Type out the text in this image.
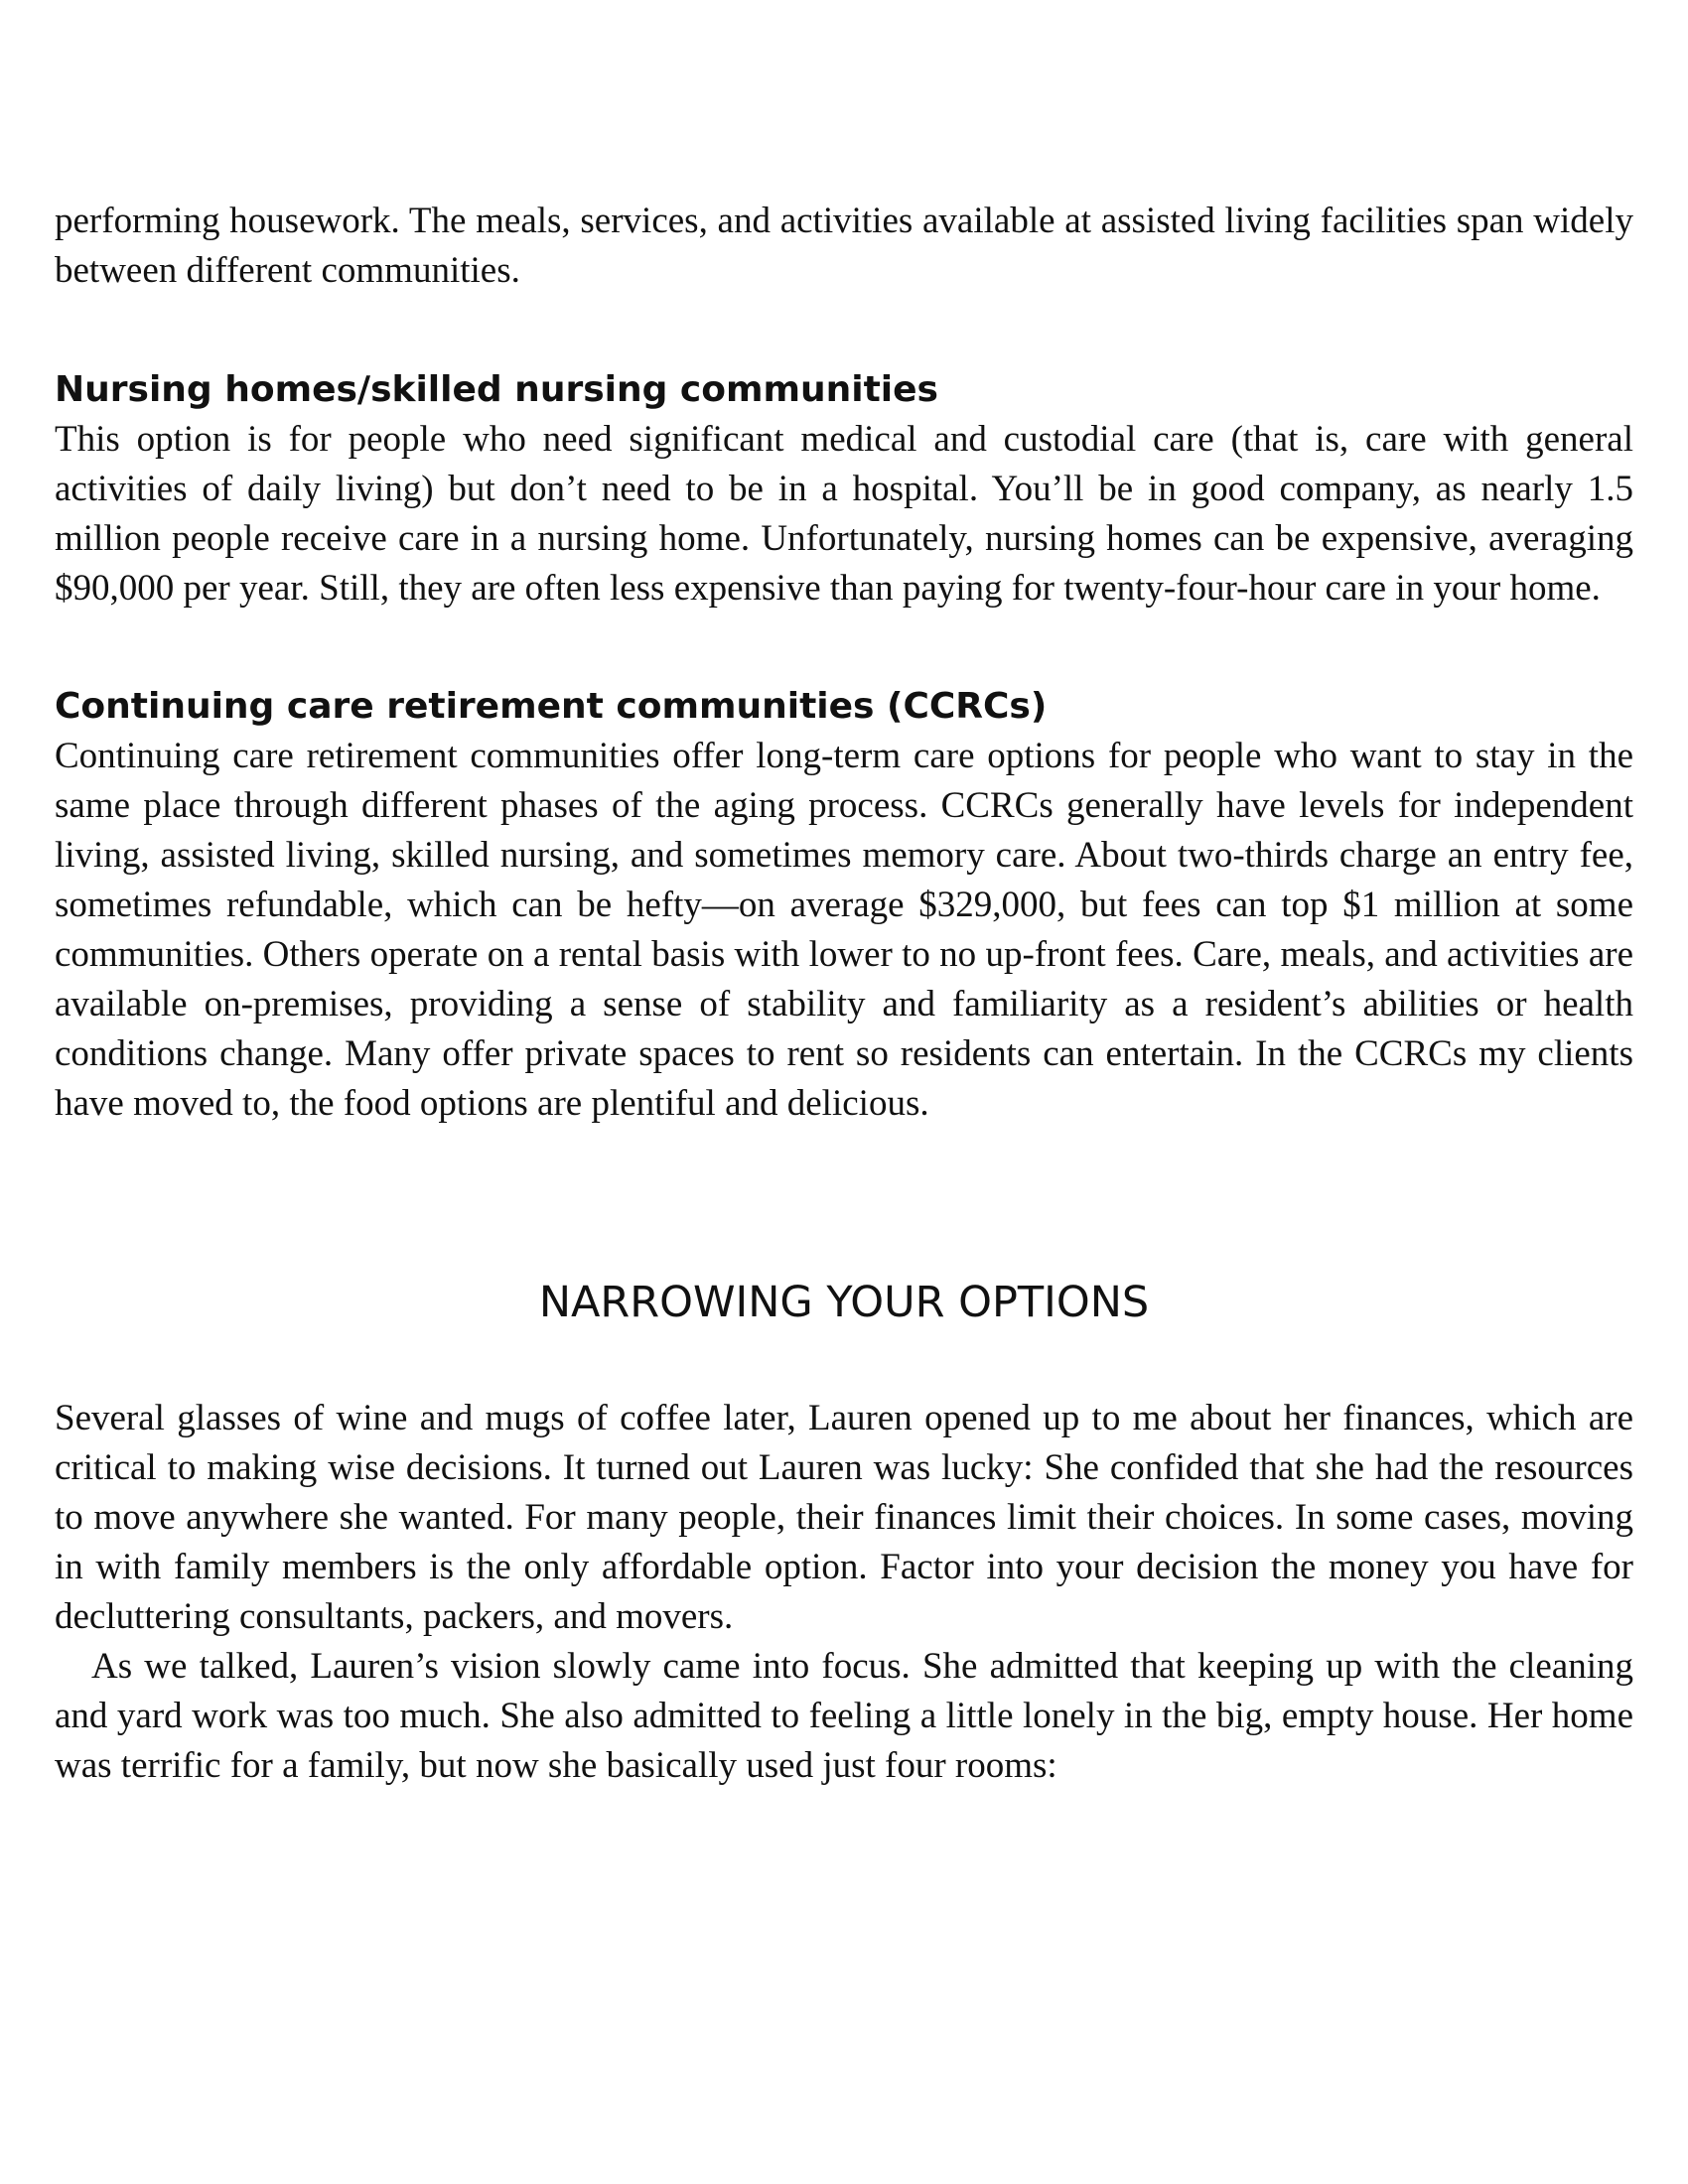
performing housework. The meals, services, and activities available at assisted living facilities span widely between different communities.

Nursing homes/skilled nursing communities

This option is for people who need significant medical and custodial care (that is, care with general activities of daily living) but don’t need to be in a hospital. You’ll be in good company, as nearly 1.5 million people receive care in a nursing home. Unfortunately, nursing homes can be expensive, averaging $90,000 per year. Still, they are often less expensive than paying for twenty-four-hour care in your home.

Continuing care retirement communities (CCRCs)

Continuing care retirement communities offer long-term care options for people who want to stay in the same place through different phases of the aging process. CCRCs generally have levels for independent living, assisted living, skilled nursing, and sometimes memory care. About two-thirds charge an entry fee, sometimes refundable, which can be hefty—on average $329,000, but fees can top $1 million at some communities. Others operate on a rental basis with lower to no up-front fees. Care, meals, and activities are available on-premises, providing a sense of stability and familiarity as a resident’s abilities or health conditions change. Many offer private spaces to rent so residents can entertain. In the CCRCs my clients have moved to, the food options are plentiful and delicious.

NARROWING YOUR OPTIONS

Several glasses of wine and mugs of coffee later, Lauren opened up to me about her finances, which are critical to making wise decisions. It turned out Lauren was lucky: She confided that she had the resources to move anywhere she wanted. For many people, their finances limit their choices. In some cases, moving in with family members is the only affordable option. Factor into your decision the money you have for decluttering consultants, packers, and movers.

As we talked, Lauren’s vision slowly came into focus. She admitted that keeping up with the cleaning and yard work was too much. She also admitted to feeling a little lonely in the big, empty house. Her home was terrific for a family, but now she basically used just four rooms:
